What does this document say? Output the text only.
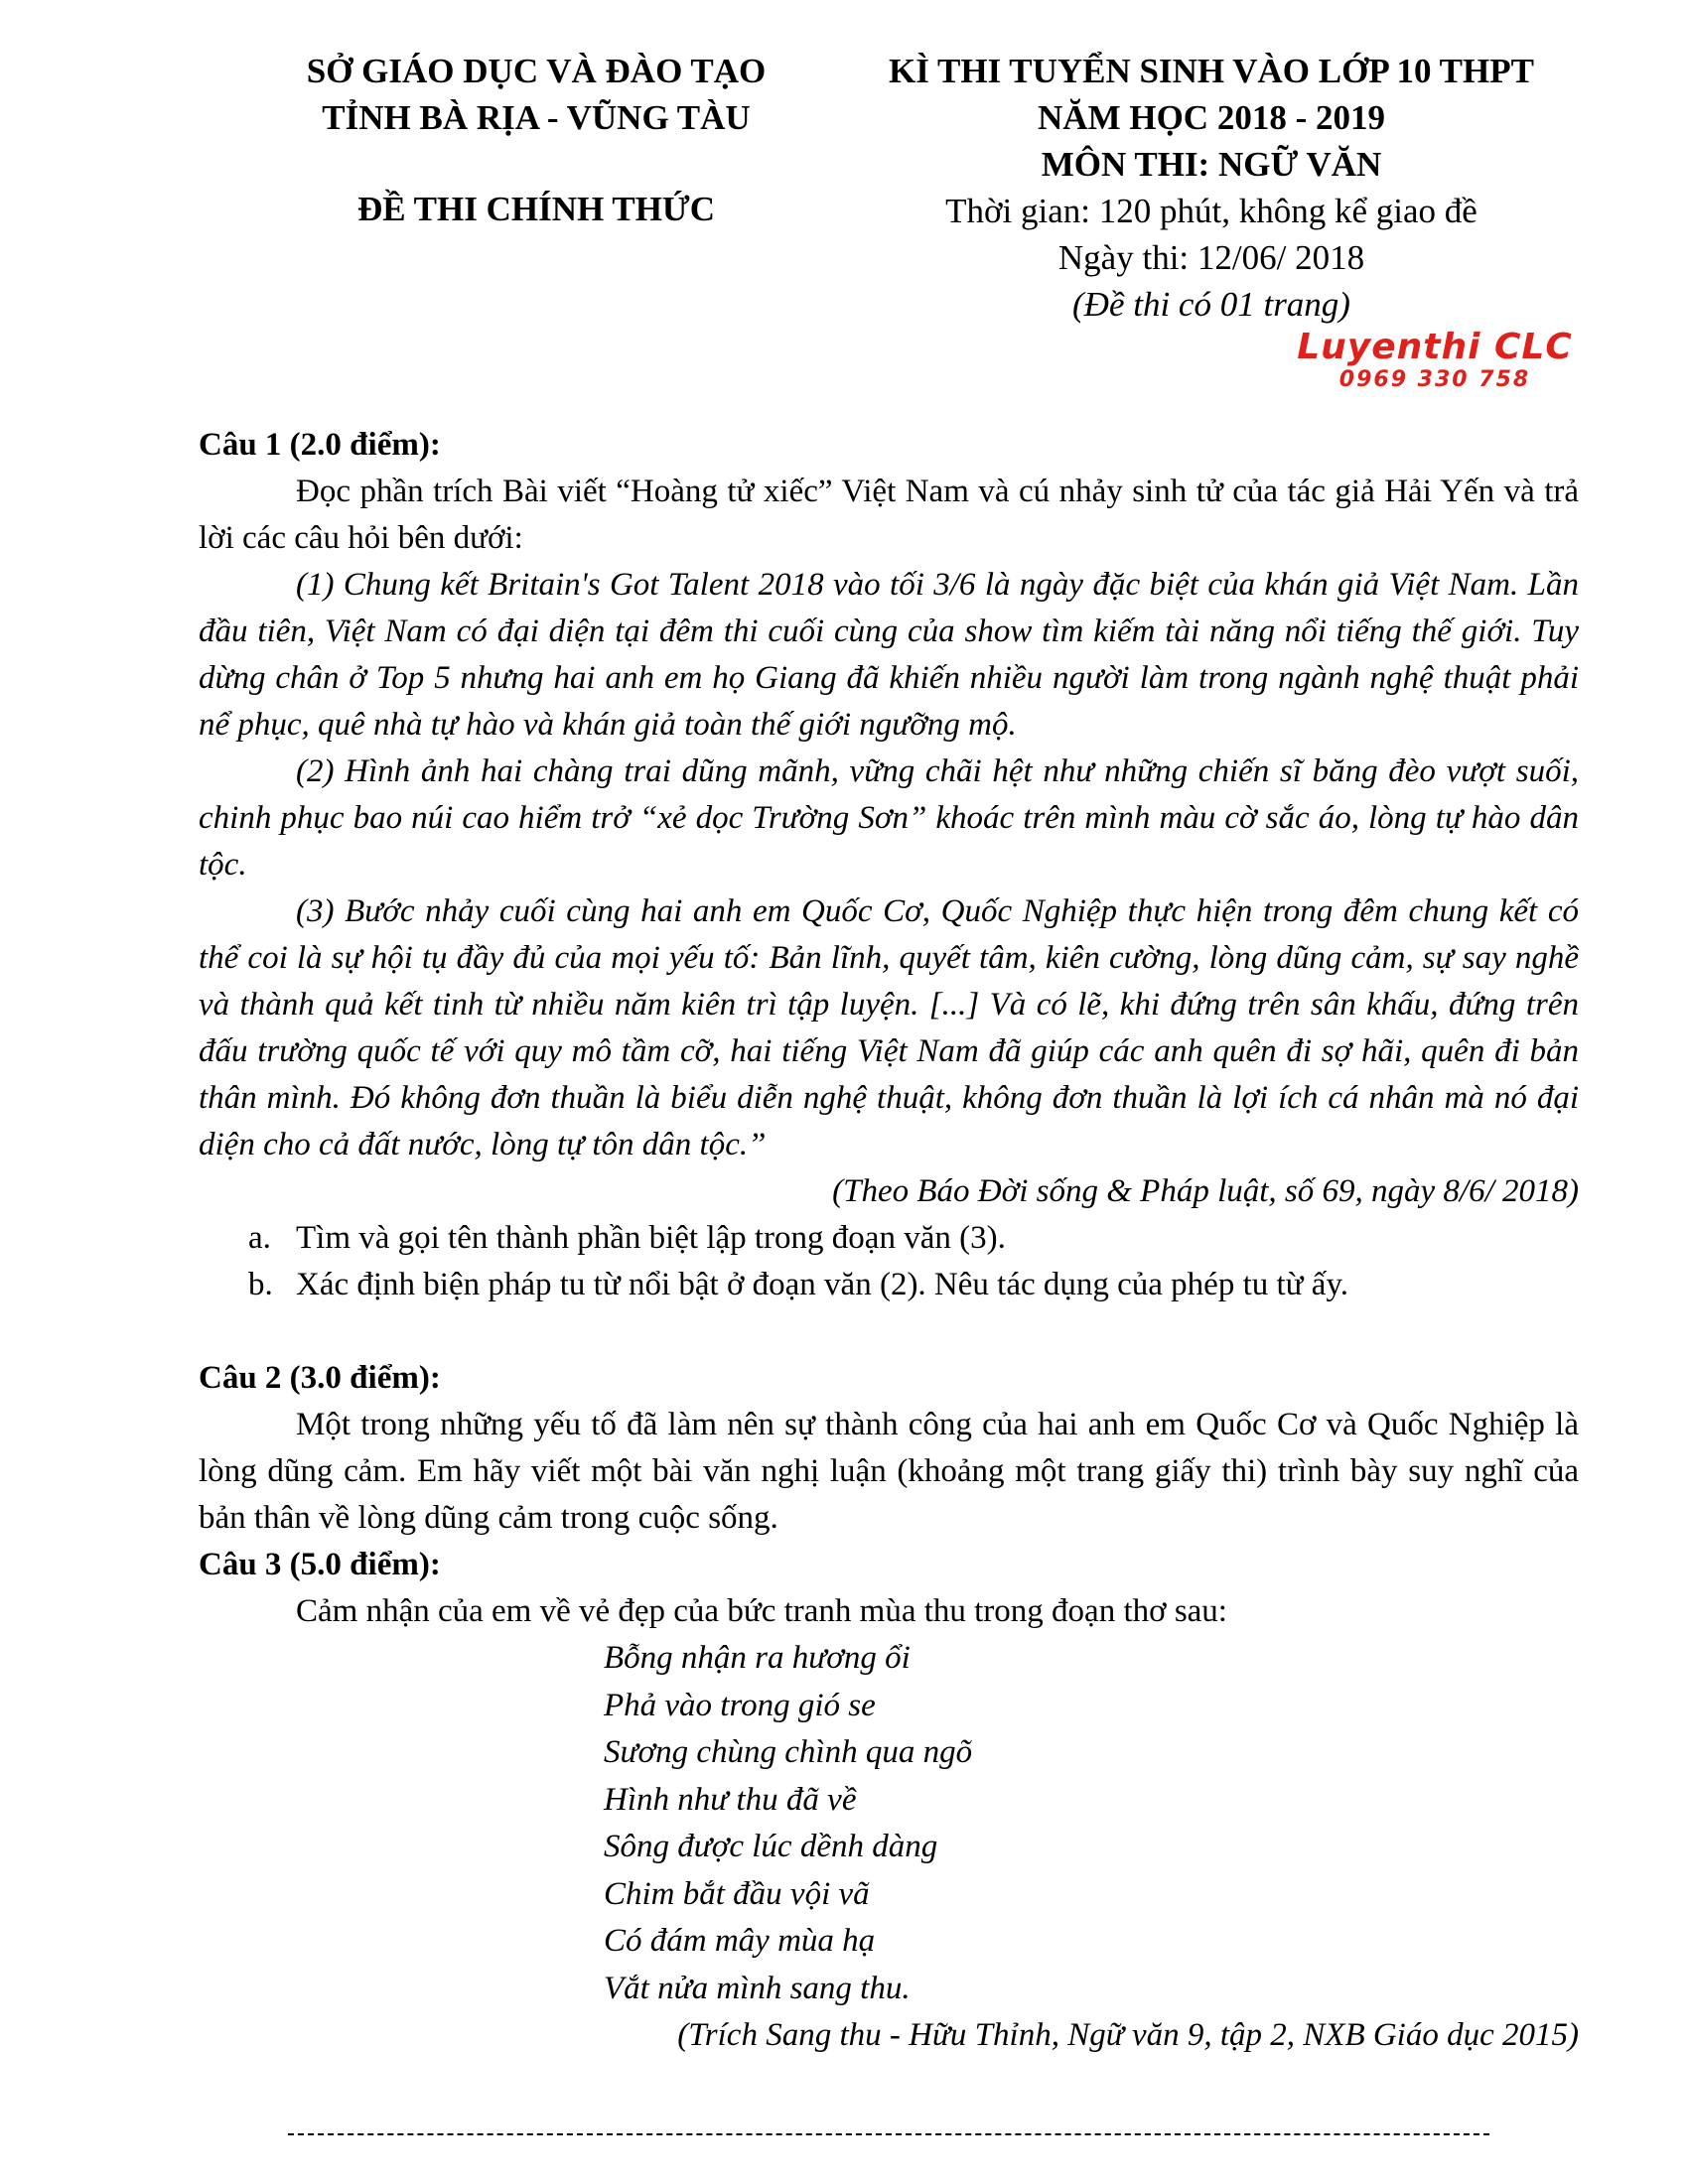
SỞ GIÁO DỤC VÀ ĐÀO TẠO
TỈNH BÀ RỊA - VŨNG TÀU
ĐỀ THI CHÍNH THỨC
KÌ THI TUYỂN SINH VÀO LỚP 10 THPT
NĂM HỌC 2018 - 2019
MÔN THI: NGỮ VĂN
Thời gian: 120 phút, không kể giao đề
Ngày thi: 12/06/ 2018
(Đề thi có 01 trang)
Luyenthi CLC
0969 330 758

Câu 1 (2.0 điểm):

Đọc phần trích Bài viết “Hoàng tử xiếc” Việt Nam và cú nhảy sinh tử của tác giả Hải Yến và trả lời các câu hỏi bên dưới:

(1) Chung kết Britain's Got Talent 2018 vào tối 3/6 là ngày đặc biệt của khán giả Việt Nam. Lần đầu tiên, Việt Nam có đại diện tại đêm thi cuối cùng của show tìm kiếm tài năng nổi tiếng thế giới. Tuy dừng chân ở Top 5 nhưng hai anh em họ Giang đã khiến nhiều người làm trong ngành nghệ thuật phải nể phục, quê nhà tự hào và khán giả toàn thế giới ngưỡng mộ.

(2) Hình ảnh hai chàng trai dũng mãnh, vững chãi hệt như những chiến sĩ băng đèo vượt suối, chinh phục bao núi cao hiểm trở “xẻ dọc Trường Sơn” khoác trên mình màu cờ sắc áo, lòng tự hào dân tộc.

(3) Bước nhảy cuối cùng hai anh em Quốc Cơ, Quốc Nghiệp thực hiện trong đêm chung kết có thể coi là sự hội tụ đầy đủ của mọi yếu tố: Bản lĩnh, quyết tâm, kiên cường, lòng dũng cảm, sự say nghề và thành quả kết tinh từ nhiều năm kiên trì tập luyện. [...] Và có lẽ, khi đứng trên sân khấu, đứng trên đấu trường quốc tế với quy mô tầm cỡ, hai tiếng Việt Nam đã giúp các anh quên đi sợ hãi, quên đi bản thân mình. Đó không đơn thuần là biểu diễn nghệ thuật, không đơn thuần là lợi ích cá nhân mà nó đại diện cho cả đất nước, lòng tự tôn dân tộc.”

(Theo Báo Đời sống & Pháp luật, số 69, ngày 8/6/ 2018)

a. Tìm và gọi tên thành phần biệt lập trong đoạn văn (3).
b. Xác định biện pháp tu từ nổi bật ở đoạn văn (2). Nêu tác dụng của phép tu từ ấy.

Câu 2 (3.0 điểm):

Một trong những yếu tố đã làm nên sự thành công của hai anh em Quốc Cơ và Quốc Nghiệp là lòng dũng cảm. Em hãy viết một bài văn nghị luận (khoảng một trang giấy thi) trình bày suy nghĩ của bản thân về lòng dũng cảm trong cuộc sống.

Câu 3 (5.0 điểm):

Cảm nhận của em về vẻ đẹp của bức tranh mùa thu trong đoạn thơ sau:

Bỗng nhận ra hương ổi
Phả vào trong gió se
Sương chùng chình qua ngõ
Hình như thu đã về
Sông được lúc dềnh dàng
Chim bắt đầu vội vã
Có đám mây mùa hạ
Vắt nửa mình sang thu.

(Trích Sang thu - Hữu Thỉnh, Ngữ văn 9, tập 2, NXB Giáo dục 2015)
